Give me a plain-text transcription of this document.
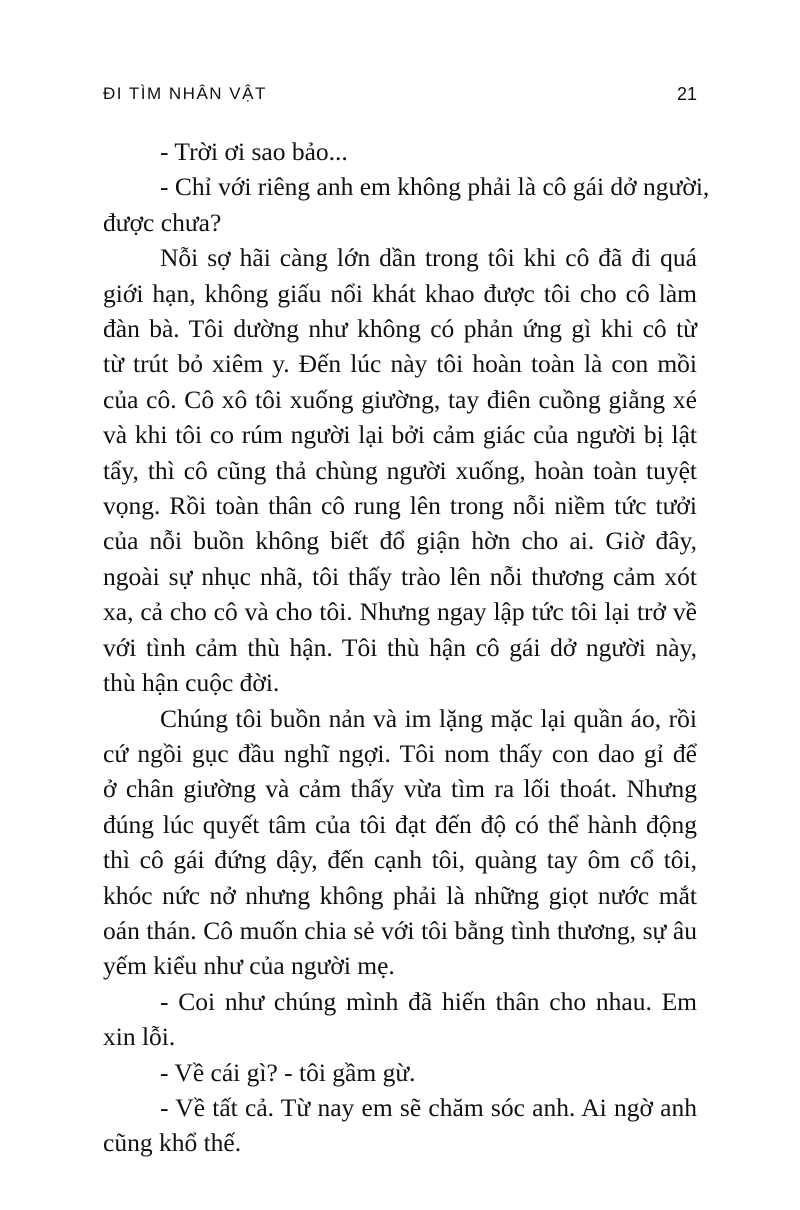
ĐI TÌM NHÂN VẬT	21
- Trời ơi sao bảo...
- Chỉ với riêng anh em không phải là cô gái dở người,
được chưa?
Nỗi sợ hãi càng lớn dần trong tôi khi cô đã đi quá
giới hạn, không giấu nổi khát khao được tôi cho cô làm
đàn bà. Tôi dường như không có phản ứng gì khi cô từ
từ trút bỏ xiêm y. Đến lúc này tôi hoàn toàn là con mồi
của cô. Cô xô tôi xuống giường, tay điên cuồng giằng xé
và khi tôi co rúm người lại bởi cảm giác của người bị lật
tẩy, thì cô cũng thả chùng người xuống, hoàn toàn tuyệt
vọng. Rồi toàn thân cô rung lên trong nỗi niềm tức tưởi
của nỗi buồn không biết đổ giận hờn cho ai. Giờ đây,
ngoài sự nhục nhã, tôi thấy trào lên nỗi thương cảm xót
xa, cả cho cô và cho tôi. Nhưng ngay lập tức tôi lại trở về
với tình cảm thù hận. Tôi thù hận cô gái dở người này,
thù hận cuộc đời.
Chúng tôi buồn nản và im lặng mặc lại quần áo, rồi
cứ ngồi gục đầu nghĩ ngợi. Tôi nom thấy con dao gỉ để
ở chân giường và cảm thấy vừa tìm ra lối thoát. Nhưng
đúng lúc quyết tâm của tôi đạt đến độ có thể hành động
thì cô gái đứng dậy, đến cạnh tôi, quàng tay ôm cổ tôi,
khóc nức nở nhưng không phải là những giọt nước mắt
oán thán. Cô muốn chia sẻ với tôi bằng tình thương, sự âu
yếm kiểu như của người mẹ.
- Coi như chúng mình đã hiến thân cho nhau. Em
xin lỗi.
- Về cái gì? - tôi gầm gừ.
- Về tất cả. Từ nay em sẽ chăm sóc anh. Ai ngờ anh
cũng khổ thế.
